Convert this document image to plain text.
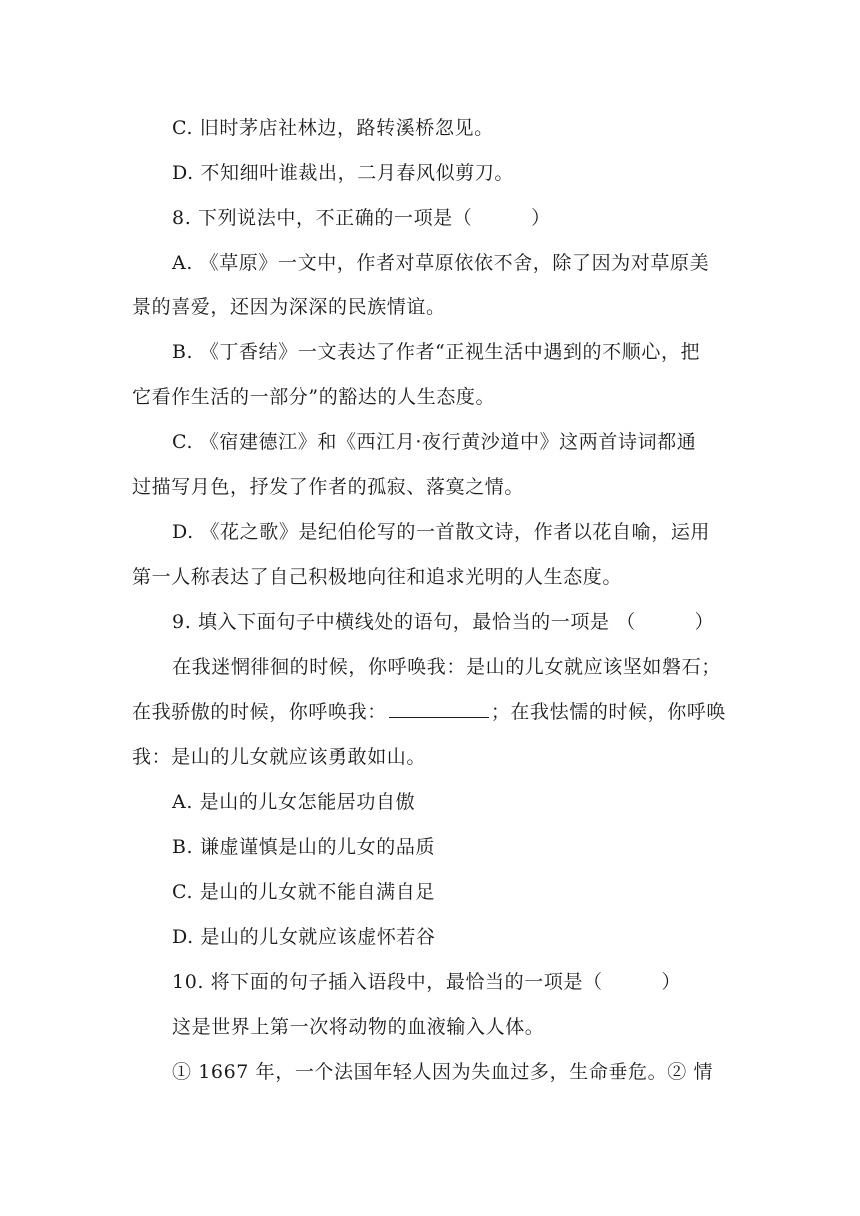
C. 旧时茅店社林边，路转溪桥忽见。
D. 不知细叶谁裁出，二月春风似剪刀。
8. 下列说法中，不正确的一项是（　　　）
A. 《草原》一文中，作者对草原依依不舍，除了因为对草原美
景的喜爱，还因为深深的民族情谊。
B. 《丁香结》一文表达了作者“正视生活中遇到的不顺心，把
它看作生活的一部分”的豁达的人生态度。
C. 《宿建德江》和《西江月·夜行黄沙道中》这两首诗词都通
过描写月色，抒发了作者的孤寂、落寞之情。
D. 《花之歌》是纪伯伦写的一首散文诗，作者以花自喻，运用
第一人称表达了自己积极地向往和追求光明的人生态度。
9. 填入下面句子中横线处的语句，最恰当的一项是 （　　　）
在我迷惘徘徊的时候，你呼唤我：是山的儿女就应该坚如磐石；
在我骄傲的时候，你呼唤我：	；在我怯懦的时候，你呼唤
我：是山的儿女就应该勇敢如山。
A. 是山的儿女怎能居功自傲
B. 谦虚谨慎是山的儿女的品质
C. 是山的儿女就不能自满自足
D. 是山的儿女就应该虚怀若谷
10. 将下面的句子插入语段中，最恰当的一项是（　　　）
这是世界上第一次将动物的血液输入人体。
① 1667 年，一个法国年轻人因为失血过多，生命垂危。② 情
